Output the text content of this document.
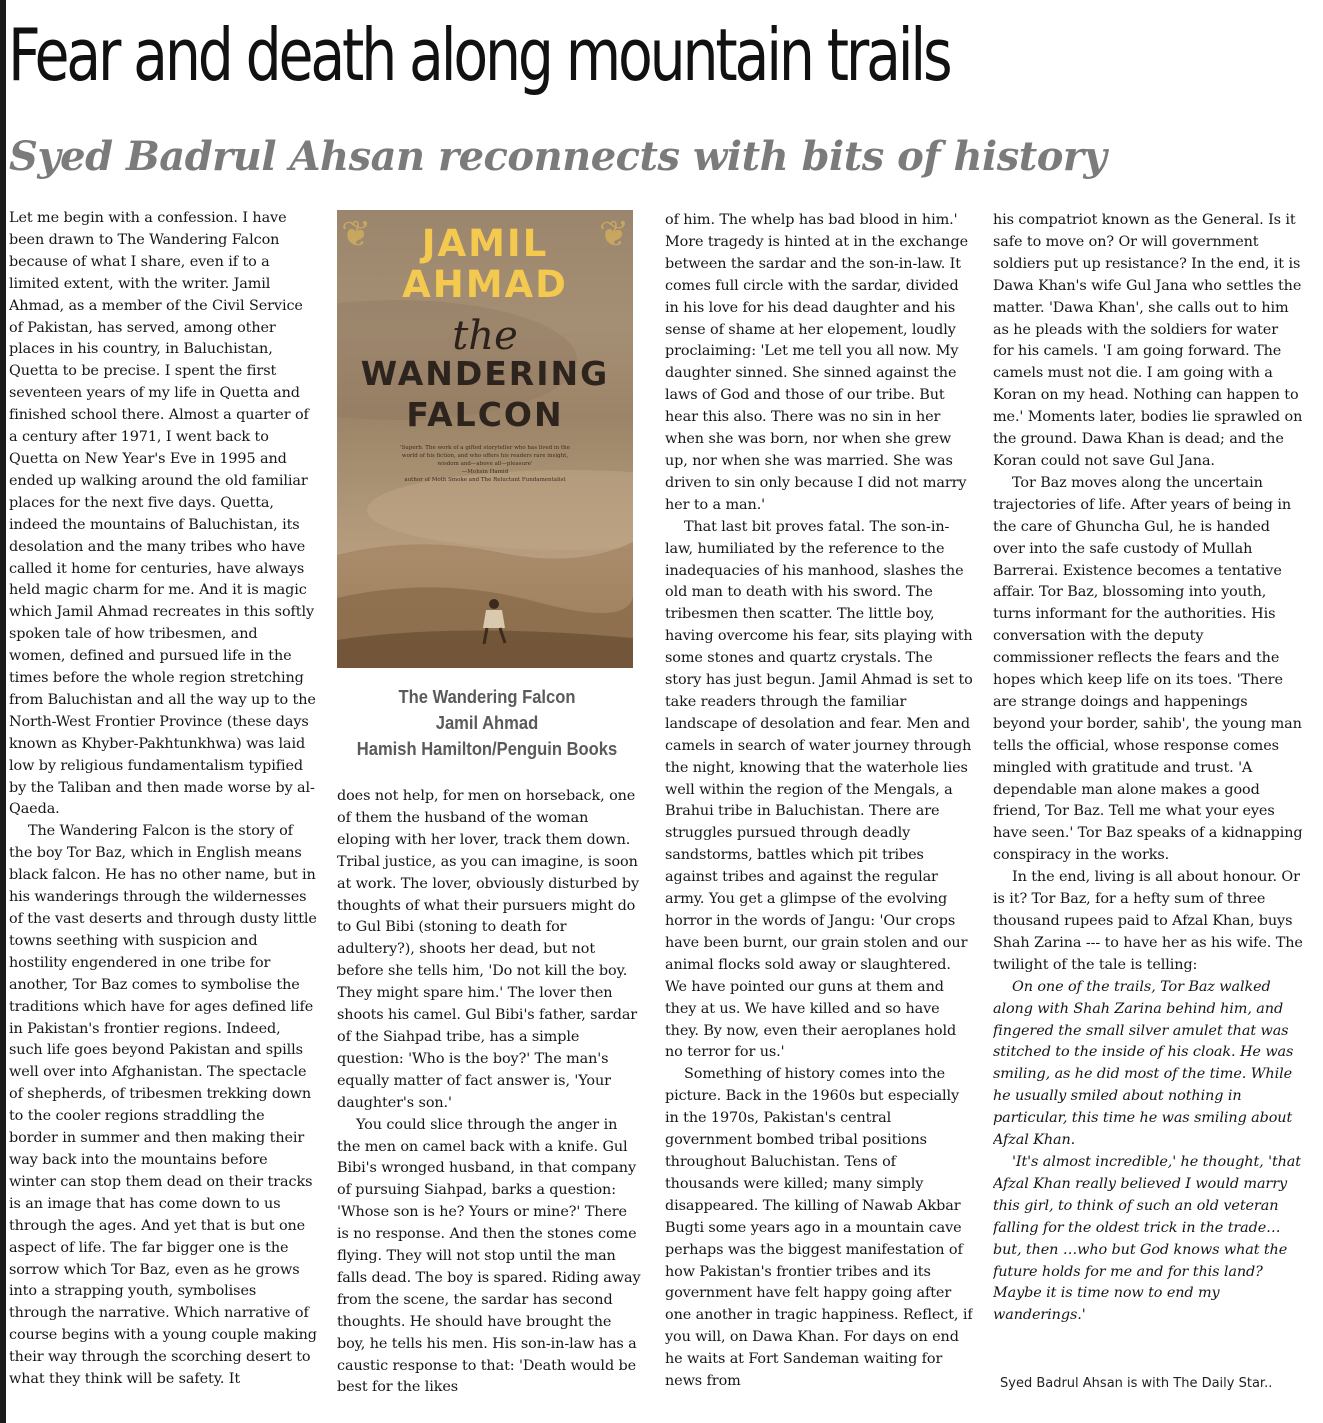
Fear and death along mountain trails
Syed Badrul Ahsan reconnects with bits of history

Let me begin with a confession. I have been drawn to The Wandering Falcon because of what I share, even if to a limited extent, with the writer. Jamil Ahmad, as a member of the Civil Service of Pakistan, has served, among other places in his country, in Baluchistan, Quetta to be precise. I spent the first seventeen years of my life in Quetta and finished school there. Almost a quarter of a century after 1971, I went back to Quetta on New Year's Eve in 1995 and ended up walking around the old familiar places for the next five days. Quetta, indeed the mountains of Baluchistan, its desolation and the many tribes who have called it home for centuries, have always held magic charm for me. And it is magic which Jamil Ahmad recreates in this softly spoken tale of how tribesmen, and women, defined and pursued life in the times before the whole region stretching from Baluchistan and all the way up to the North-West Frontier Province (these days known as Khyber-Pakhtunkhwa) was laid low by religious fundamentalism typified by the Taliban and then made worse by al-Qaeda.

The Wandering Falcon is the story of the boy Tor Baz, which in English means black falcon. He has no other name, but in his wanderings through the wildernesses of the vast deserts and through dusty little towns seething with suspicion and hostility engendered in one tribe for another, Tor Baz comes to symbolise the traditions which have for ages defined life in Pakistan's frontier regions. Indeed, such life goes beyond Pakistan and spills well over into Afghanistan. The spectacle of shepherds, of tribesmen trekking down to the cooler regions straddling the border in summer and then making their way back into the mountains before winter can stop them dead on their tracks is an image that has come down to us through the ages. And yet that is but one aspect of life. The far bigger one is the sorrow which Tor Baz, even as he grows into a strapping youth, symbolises through the narrative. Which narrative of course begins with a young couple making their way through the scorching desert to what they think will be safety. It

❦	❦
JAMIL
AHMAD
the
WANDERING
FALCON
'Superb. The work of a gifted storyteller who has lived in the
world of his fiction, and who offers his readers rare insight,
wisdom and—above all—pleasure'
—Mohsin Hamid
author of Moth Smoke and The Reluctant Fundamentalist
The Wandering Falcon
Jamil Ahmad
Hamish Hamilton/Penguin Books

does not help, for men on horseback, one of them the husband of the woman eloping with her lover, track them down. Tribal justice, as you can imagine, is soon at work. The lover, obviously disturbed by thoughts of what their pursuers might do to Gul Bibi (stoning to death for adultery?), shoots her dead, but not before she tells him, 'Do not kill the boy. They might spare him.' The lover then shoots his camel. Gul Bibi's father, sardar of the Siahpad tribe, has a simple question: 'Who is the boy?' The man's equally matter of fact answer is, 'Your daughter's son.'

You could slice through the anger in the men on camel back with a knife. Gul Bibi's wronged husband, in that company of pursuing Siahpad, barks a question: 'Whose son is he? Yours or mine?' There is no response. And then the stones come flying. They will not stop until the man falls dead. The boy is spared. Riding away from the scene, the sardar has second thoughts. He should have brought the boy, he tells his men. His son-in-law has a caustic response to that: 'Death would be best for the likes

of him. The whelp has bad blood in him.' More tragedy is hinted at in the exchange between the sardar and the son-in-law. It comes full circle with the sardar, divided in his love for his dead daughter and his sense of shame at her elopement, loudly proclaiming: 'Let me tell you all now. My daughter sinned. She sinned against the laws of God and those of our tribe. But hear this also. There was no sin in her when she was born, nor when she grew up, nor when she was married. She was driven to sin only because I did not marry her to a man.'

That last bit proves fatal. The son-in-law, humiliated by the reference to the inadequacies of his manhood, slashes the old man to death with his sword. The tribesmen then scatter. The little boy, having overcome his fear, sits playing with some stones and quartz crystals. The story has just begun. Jamil Ahmad is set to take readers through the familiar landscape of desolation and fear. Men and camels in search of water journey through the night, knowing that the waterhole lies well within the region of the Mengals, a Brahui tribe in Baluchistan. There are struggles pursued through deadly sandstorms, battles which pit tribes against tribes and against the regular army. You get a glimpse of the evolving horror in the words of Jangu: 'Our crops have been burnt, our grain stolen and our animal flocks sold away or slaughtered. We have pointed our guns at them and they at us. We have killed and so have they. By now, even their aeroplanes hold no terror for us.'

Something of history comes into the picture. Back in the 1960s but especially in the 1970s, Pakistan's central government bombed tribal positions throughout Baluchistan. Tens of thousands were killed; many simply disappeared. The killing of Nawab Akbar Bugti some years ago in a mountain cave perhaps was the biggest manifestation of how Pakistan's frontier tribes and its government have felt happy going after one another in tragic happiness. Reflect, if you will, on Dawa Khan. For days on end he waits at Fort Sandeman waiting for news from

his compatriot known as the General. Is it safe to move on? Or will government soldiers put up resistance? In the end, it is Dawa Khan's wife Gul Jana who settles the matter. 'Dawa Khan', she calls out to him as he pleads with the soldiers for water for his camels. 'I am going forward. The camels must not die. I am going with a Koran on my head. Nothing can happen to me.' Moments later, bodies lie sprawled on the ground. Dawa Khan is dead; and the Koran could not save Gul Jana.

Tor Baz moves along the uncertain trajectories of life. After years of being in the care of Ghuncha Gul, he is handed over into the safe custody of Mullah Barrerai. Existence becomes a tentative affair. Tor Baz, blossoming into youth, turns informant for the authorities. His conversation with the deputy commissioner reflects the fears and the hopes which keep life on its toes. 'There are strange doings and happenings beyond your border, sahib', the young man tells the official, whose response comes mingled with gratitude and trust. 'A dependable man alone makes a good friend, Tor Baz. Tell me what your eyes have seen.' Tor Baz speaks of a kidnapping conspiracy in the works.

In the end, living is all about honour. Or is it? Tor Baz, for a hefty sum of three thousand rupees paid to Afzal Khan, buys Shah Zarina --- to have her as his wife. The twilight of the tale is telling:

On one of the trails, Tor Baz walked along with Shah Zarina behind him, and fingered the small silver amulet that was stitched to the inside of his cloak. He was smiling, as he did most of the time. While he usually smiled about nothing in particular, this time he was smiling about Afzal Khan.

'It's almost incredible,' he thought, 'that Afzal Khan really believed I would marry this girl, to think of such an old veteran falling for the oldest trick in the trade…but, then …who but God knows what the future holds for me and for this land? Maybe it is time now to end my wanderings.'

Syed Badrul Ahsan is with The Daily Star..
